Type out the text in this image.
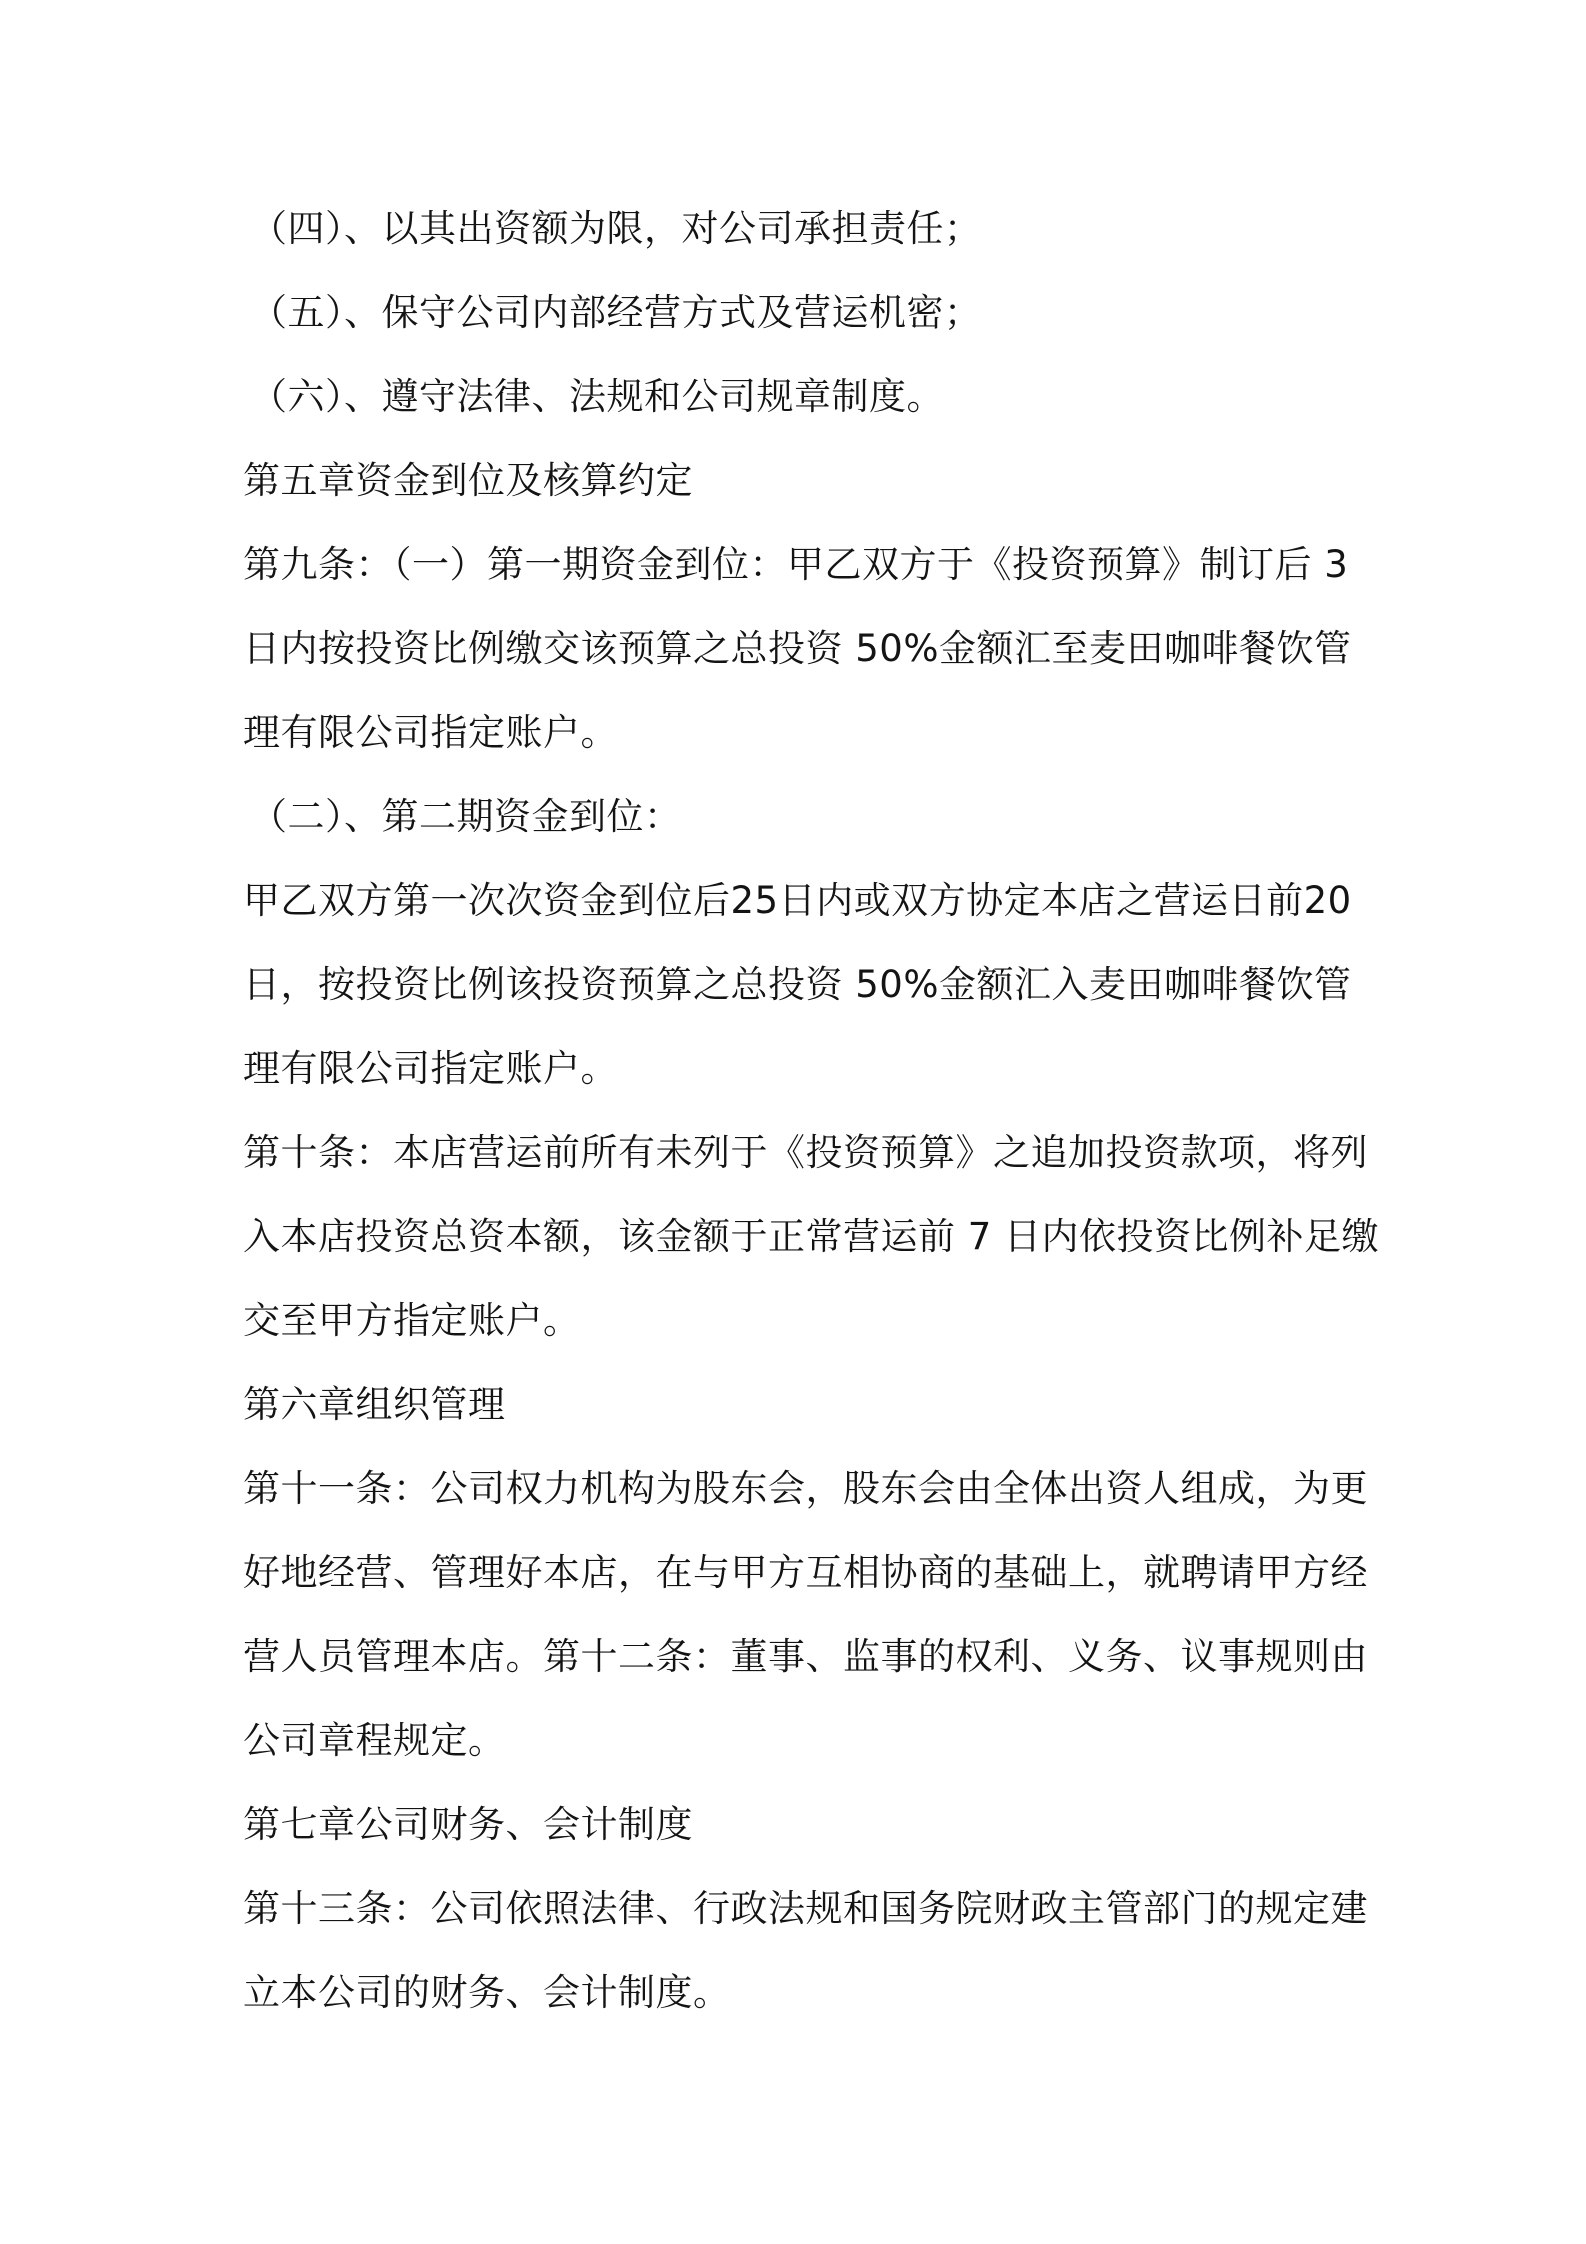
（四）、以其出资额为限，对公司承担责任；
（五）、保守公司内部经营方式及营运机密；
（六）、遵守法律、法规和公司规章制度。
第五章资金到位及核算约定
第九条：（一）第一期资金到位：甲乙双方于《投资预算》制订后 3
日内按投资比例缴交该预算之总投资 50%金额汇至麦田咖啡餐饮管
理有限公司指定账户。
（二）、第二期资金到位：
甲乙双方第一次次资金到位后25日内或双方协定本店之营运日前20
日，按投资比例该投资预算之总投资 50%金额汇入麦田咖啡餐饮管
理有限公司指定账户。
第十条：本店营运前所有未列于《投资预算》之追加投资款项，将列
入本店投资总资本额，该金额于正常营运前 7 日内依投资比例补足缴
交至甲方指定账户。
第六章组织管理
第十一条：公司权力机构为股东会，股东会由全体出资人组成，为更
好地经营、管理好本店，在与甲方互相协商的基础上，就聘请甲方经
营人员管理本店。第十二条：董事、监事的权利、义务、议事规则由
公司章程规定。
第七章公司财务、会计制度
第十三条：公司依照法律、行政法规和国务院财政主管部门的规定建
立本公司的财务、会计制度。
